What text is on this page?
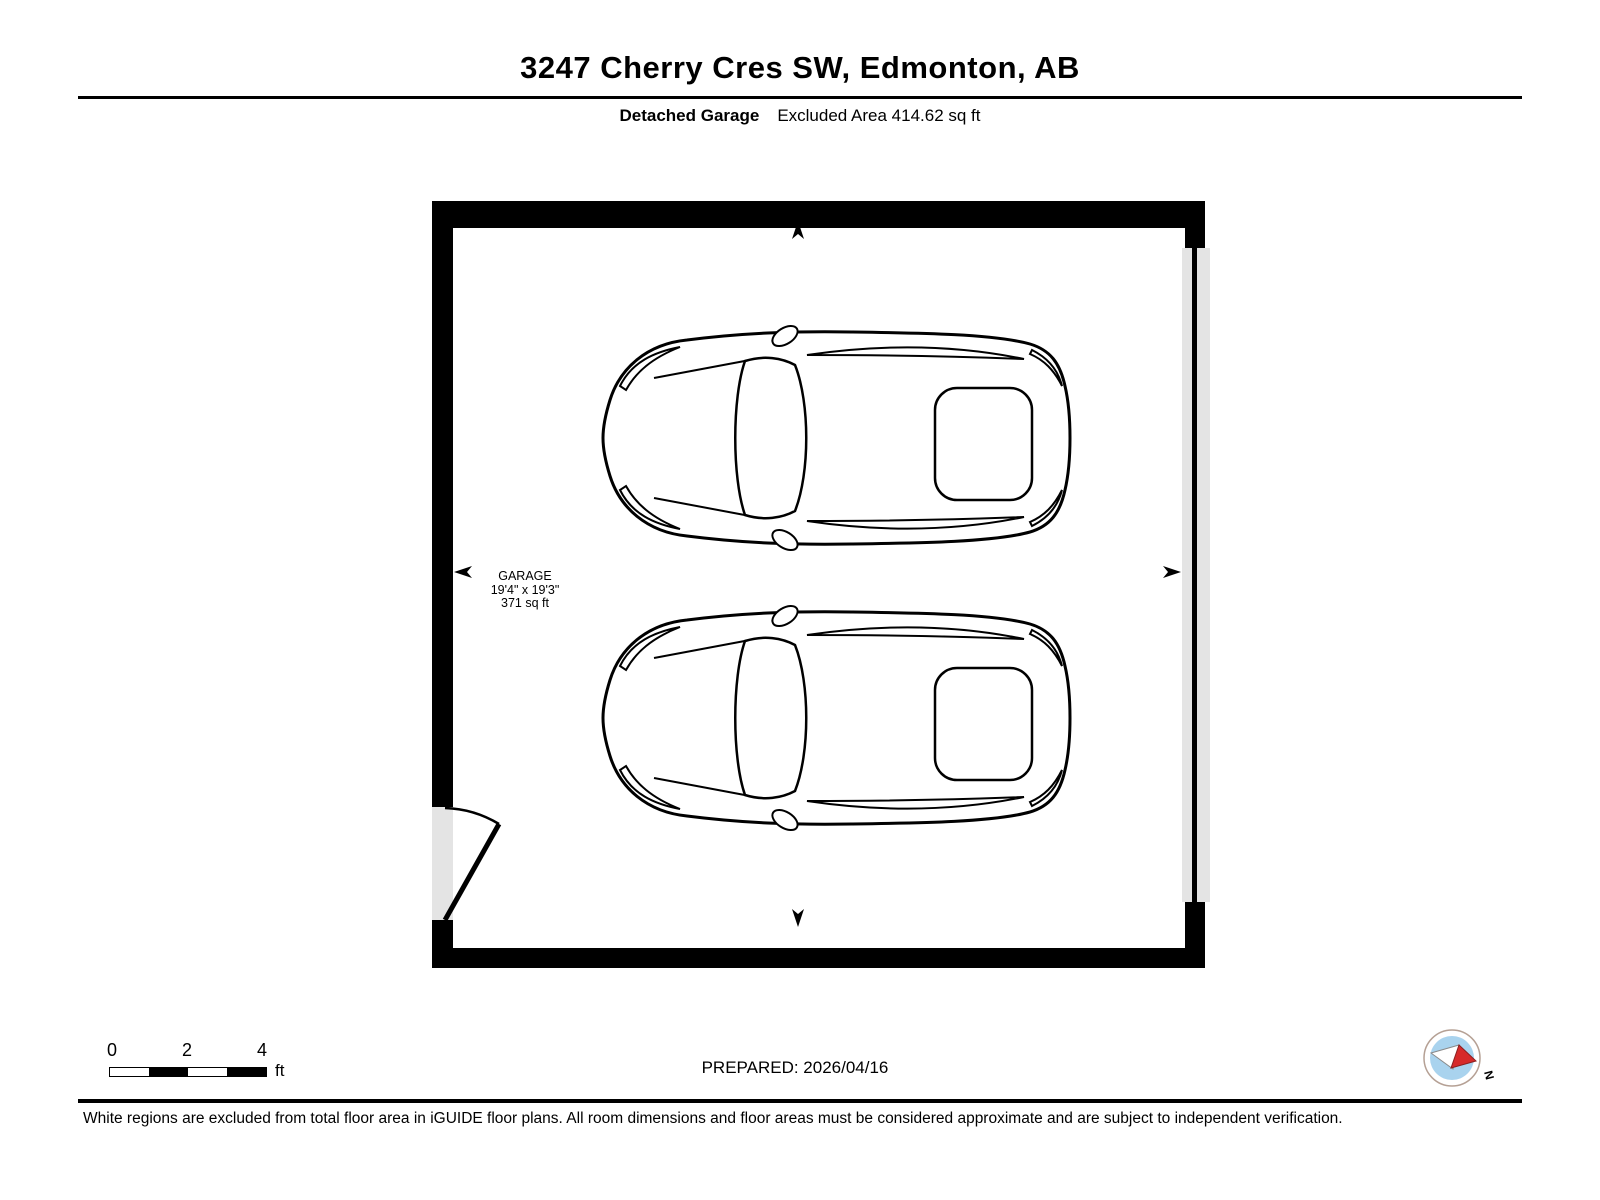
3247 Cherry Cres SW, Edmonton, AB
Detached Garage Excluded Area 414.62 sq ft
GARAGE
19'4" x 19'3"
371 sq ft
0	2	4
ft	PREPARED: 2026/04/16	N
White regions are excluded from total floor area in iGUIDE floor plans. All room dimensions and floor areas must be considered approximate and are subject to independent verification.
